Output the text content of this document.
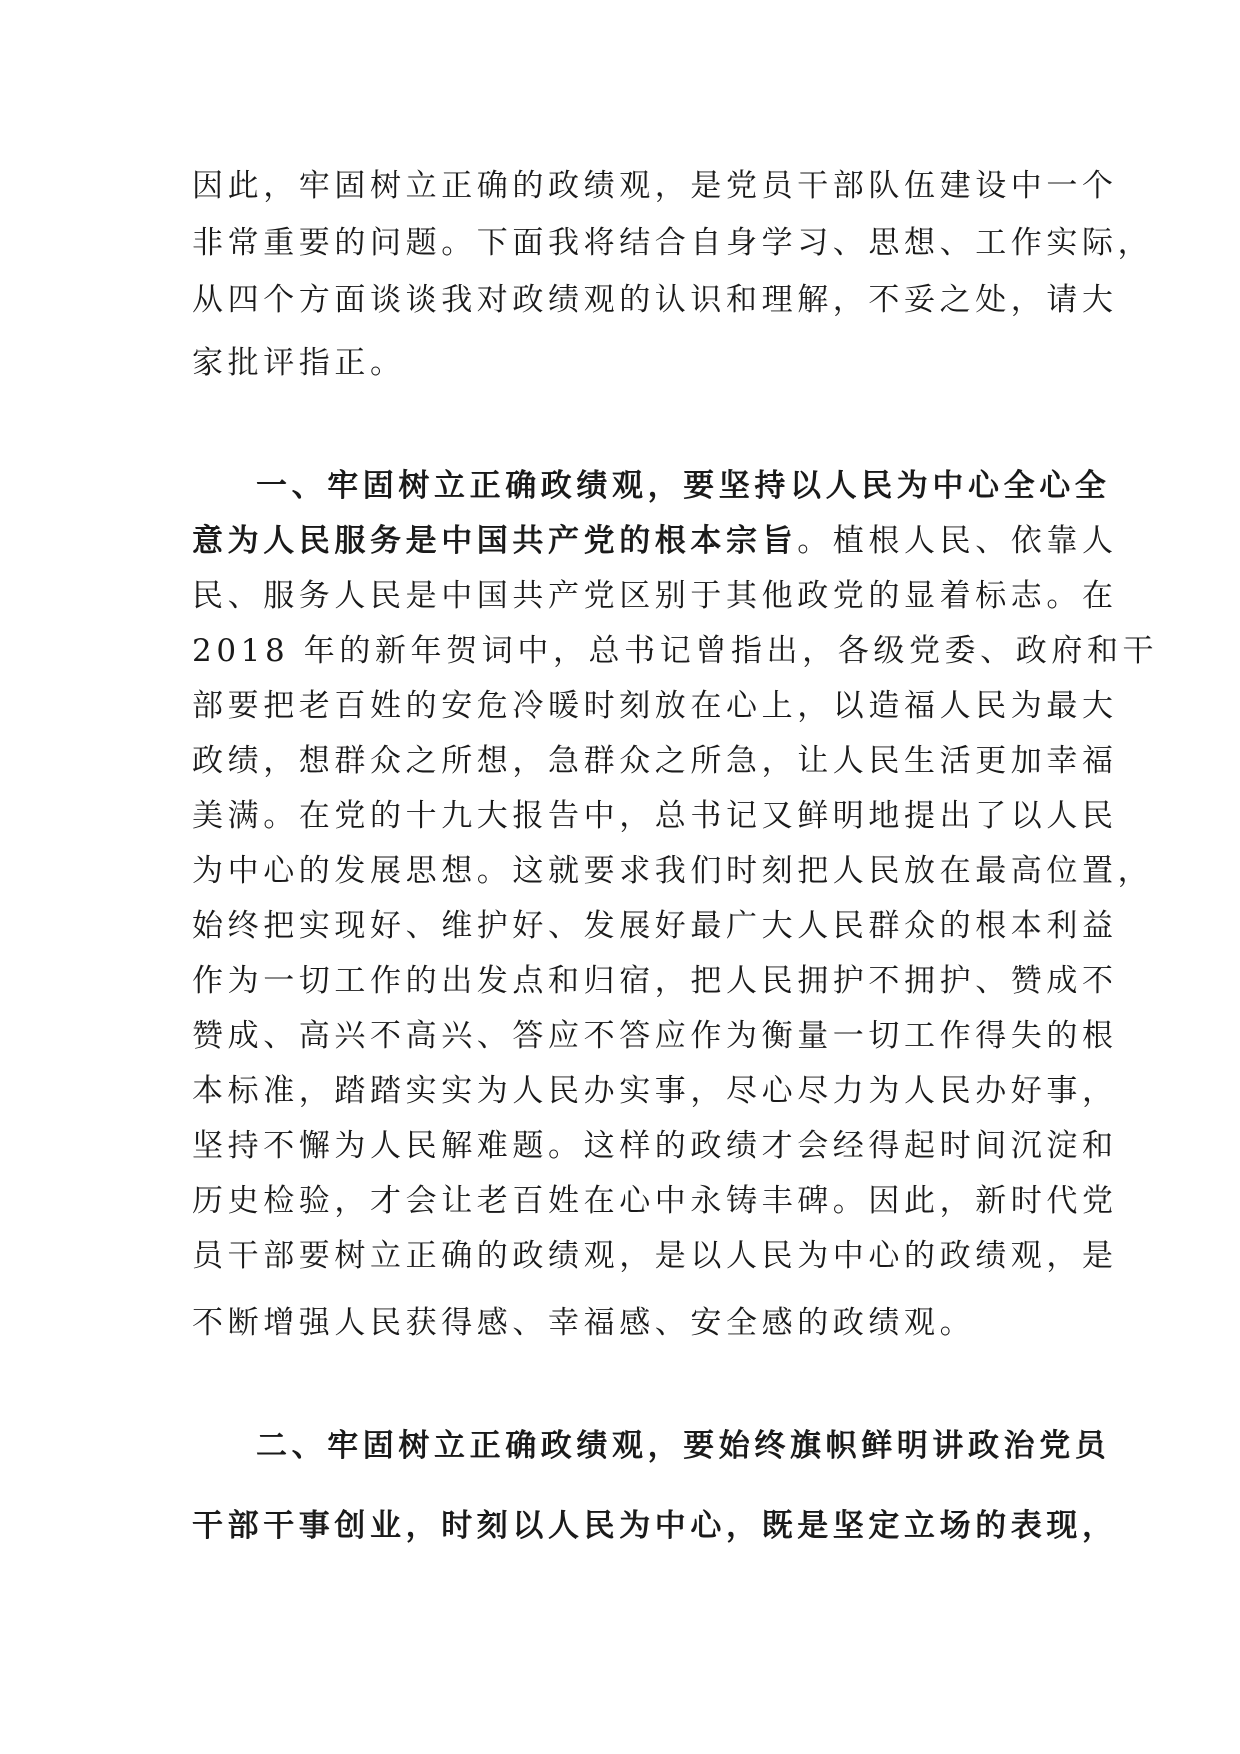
因此，牢固树立正确的政绩观，是党员干部队伍建设中一个
非常重要的问题。下面我将结合自身学习、思想、工作实际，
从四个方面谈谈我对政绩观的认识和理解，不妥之处，请大
家批评指正。
一、牢固树立正确政绩观，要坚持以人民为中心全心全
意为人民服务是中国共产党的根本宗旨。植根人民、依靠人
民、服务人民是中国共产党区别于其他政党的显着标志。在
2018 年的新年贺词中，总书记曾指出，各级党委、政府和干
部要把老百姓的安危冷暖时刻放在心上，以造福人民为最大
政绩，想群众之所想，急群众之所急，让人民生活更加幸福
美满。在党的十九大报告中，总书记又鲜明地提出了以人民
为中心的发展思想。这就要求我们时刻把人民放在最高位置，
始终把实现好、维护好、发展好最广大人民群众的根本利益
作为一切工作的出发点和归宿，把人民拥护不拥护、赞成不
赞成、高兴不高兴、答应不答应作为衡量一切工作得失的根
本标准，踏踏实实为人民办实事，尽心尽力为人民办好事，
坚持不懈为人民解难题。这样的政绩才会经得起时间沉淀和
历史检验，才会让老百姓在心中永铸丰碑。因此，新时代党
员干部要树立正确的政绩观，是以人民为中心的政绩观，是
不断增强人民获得感、幸福感、安全感的政绩观。
二、牢固树立正确政绩观，要始终旗帜鲜明讲政治党员
干部干事创业，时刻以人民为中心，既是坚定立场的表现，
